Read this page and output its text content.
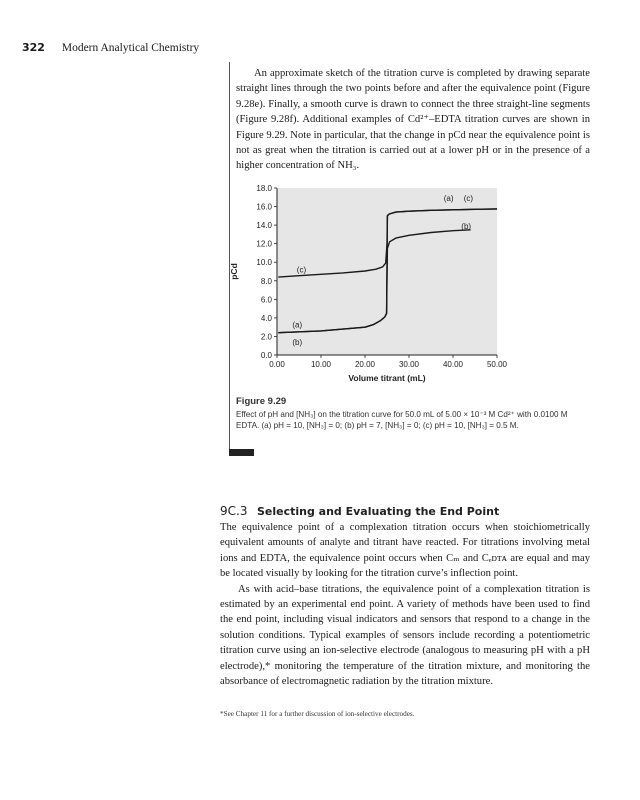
322 Modern Analytical Chemistry

An approximate sketch of the titration curve is completed by drawing separate straight lines through the two points before and after the equivalence point (Figure 9.28e). Finally, a smooth curve is drawn to connect the three straight-line segments (Figure 9.28f). Additional examples of Cd²⁺–EDTA titration curves are shown in Figure 9.29. Note in particular, that the change in pCd near the equivalence point is not as great when the titration is carried out at a lower pH or in the presence of a higher concentration of NH₃.

0.0
2.0
4.0
6.0
8.0
10.0
12.0
14.0
16.0
18.0
0.00	10.00	20.00	30.00	40.00	50.00
Volume titrant (mL)
pCd
(a)
(a)
(b)
(b)
(c)
(c)
Figure 9.29

Effect of pH and [NH₃] on the titration curve for 50.0 mL of 5.00 × 10⁻³ M Cd²⁺ with 0.0100 M EDTA. (a) pH = 10, [NH₃] = 0; (b) pH = 7, [NH₃] = 0; (c) pH = 10, [NH₃] = 0.5 M.

9C.3 Selecting and Evaluating the End Point

The equivalence point of a complexation titration occurs when stoichiometrically equivalent amounts of analyte and titrant have reacted. For titrations involving metal ions and EDTA, the equivalence point occurs when Cₘ and Cₑᴅᴛᴀ are equal and may be located visually by looking for the titration curve’s inflection point.

As with acid–base titrations, the equivalence point of a complexation titration is estimated by an experimental end point. A variety of methods have been used to find the end point, including visual indicators and sensors that respond to a change in the solution conditions. Typical examples of sensors include recording a potentiometric titration curve using an ion-selective electrode (analogous to measuring pH with a pH electrode),* monitoring the temperature of the titration mixture, and monitoring the absorbance of electromagnetic radiation by the titration mixture.

*See Chapter 11 for a further discussion of ion-selective electrodes.
